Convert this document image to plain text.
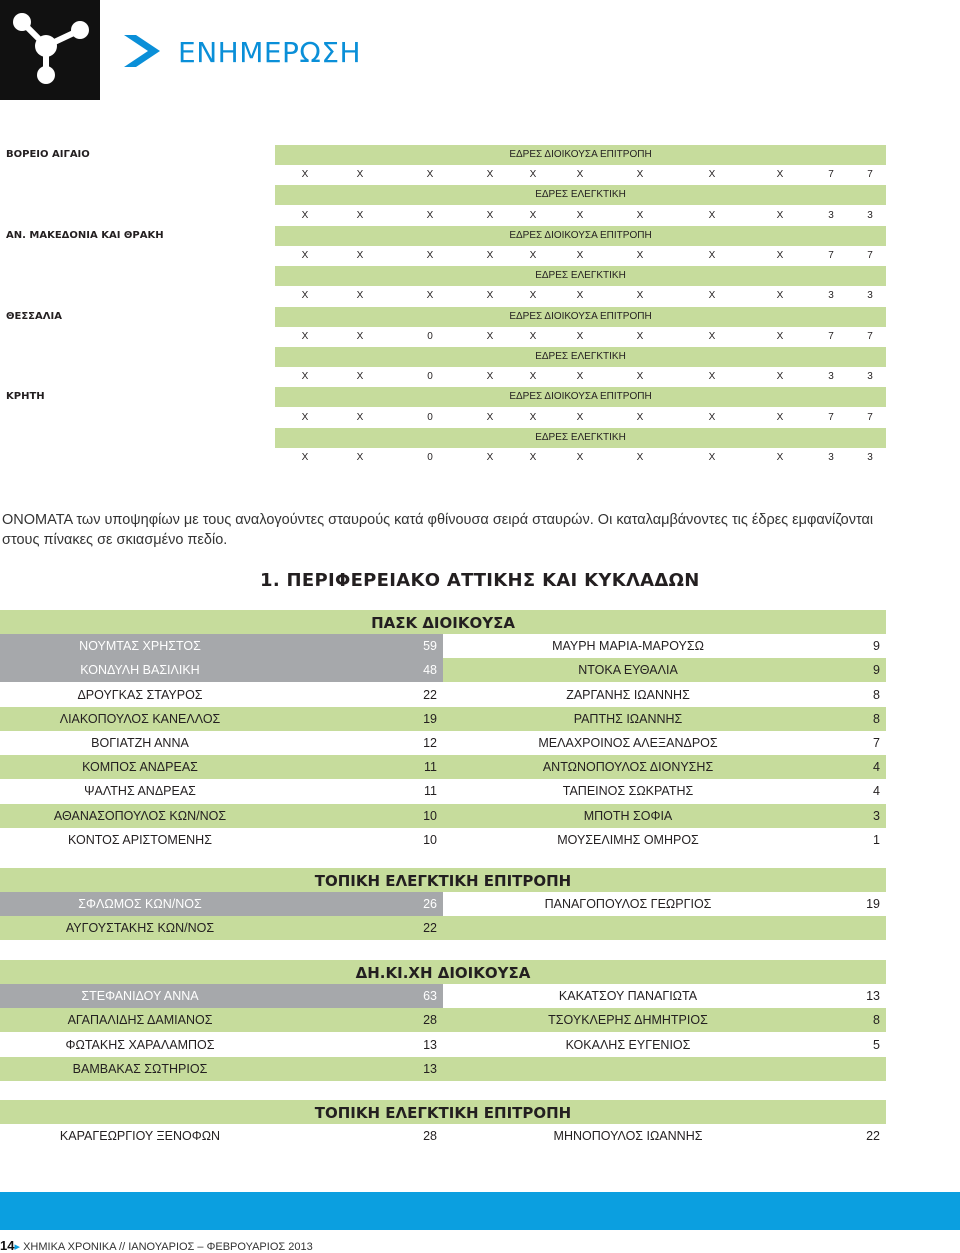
ΕΝΗΜΕΡΩΣΗ
ΒΟΡΕΙΟ ΑΙΓΑΙΟ	ΕΔΡΕΣ ΔΙΟΙΚΟΥΣΑ ΕΠΙΤΡΟΠΗ
Χ	Χ	Χ	Χ	Χ	Χ	Χ	Χ	Χ	7	7
ΕΔΡΕΣ ΕΛΕΓΚΤΙΚΗ
Χ	Χ	Χ	Χ	Χ	Χ	Χ	Χ	Χ	3	3
ΑΝ. ΜΑΚΕΔΟΝΙΑ ΚΑΙ ΘΡΑΚΗ	ΕΔΡΕΣ ΔΙΟΙΚΟΥΣΑ ΕΠΙΤΡΟΠΗ
Χ	Χ	Χ	Χ	Χ	Χ	Χ	Χ	Χ	7	7
ΕΔΡΕΣ ΕΛΕΓΚΤΙΚΗ
Χ	Χ	Χ	Χ	Χ	Χ	Χ	Χ	Χ	3	3
ΘΕΣΣΑΛΙΑ	ΕΔΡΕΣ ΔΙΟΙΚΟΥΣΑ ΕΠΙΤΡΟΠΗ
Χ	Χ	0	Χ	Χ	Χ	Χ	Χ	Χ	7	7
ΕΔΡΕΣ ΕΛΕΓΚΤΙΚΗ
Χ	Χ	0	Χ	Χ	Χ	Χ	Χ	Χ	3	3
ΚΡΗΤΗ	ΕΔΡΕΣ ΔΙΟΙΚΟΥΣΑ ΕΠΙΤΡΟΠΗ
Χ	Χ	0	Χ	Χ	Χ	Χ	Χ	Χ	7	7
ΕΔΡΕΣ ΕΛΕΓΚΤΙΚΗ
Χ	Χ	0	Χ	Χ	Χ	Χ	Χ	Χ	3	3
ΟΝΟΜΑΤΑ των υποψηφίων με τους αναλογούντες σταυρούς κατά φθίνουσα σειρά σταυρών. Οι καταλαμβάνοντες τις έδρες εμφανίζονται στους πίνακες σε σκιασμένο πεδίο.
1. ΠΕΡΙΦΕΡΕΙΑΚΟ ΑΤΤΙΚΗΣ ΚΑΙ ΚΥΚΛΑΔΩΝ
ΠΑΣΚ ΔΙΟΙΚΟΥΣΑ
ΝΟΥΜΤΑΣ ΧΡΗΣΤΟΣ	59	ΜΑΥΡΗ ΜΑΡΙΑ-ΜΑΡΟΥΣΩ	9
ΚΟΝΔΥΛΗ ΒΑΣΙΛΙΚΗ	48	ΝΤΟΚΑ ΕΥΘΑΛΙΑ	9
ΔΡΟΥΓΚΑΣ ΣΤΑΥΡΟΣ	22	ΖΑΡΓΑΝΗΣ ΙΩΑΝΝΗΣ	8
ΛΙΑΚΟΠΟΥΛΟΣ ΚΑΝΕΛΛΟΣ	19	ΡΑΠΤΗΣ ΙΩΑΝΝΗΣ	8
ΒΟΓΙΑΤΖΗ ΑΝΝΑ	12	ΜΕΛΑΧΡΟΙΝΟΣ ΑΛΕΞΑΝΔΡΟΣ	7
ΚΟΜΠΟΣ ΑΝΔΡΕΑΣ	11	ΑΝΤΩΝΟΠΟΥΛΟΣ ΔΙΟΝΥΣΗΣ	4
ΨΑΛΤΗΣ ΑΝΔΡΕΑΣ	11	ΤΑΠΕΙΝΟΣ ΣΩΚΡΑΤΗΣ	4
ΑΘΑΝΑΣΟΠΟΥΛΟΣ ΚΩΝ/ΝΟΣ	10	ΜΠΟΤΗ ΣΟΦΙΑ	3
ΚΟΝΤΟΣ ΑΡΙΣΤΟΜΕΝΗΣ	10	ΜΟΥΣΕΛΙΜΗΣ ΟΜΗΡΟΣ	1
ΤΟΠΙΚΗ ΕΛΕΓΚΤΙΚΗ ΕΠΙΤΡΟΠΗ
ΣΦΛΩΜΟΣ ΚΩΝ/ΝΟΣ	26	ΠΑΝΑΓΟΠΟΥΛΟΣ ΓΕΩΡΓΙΟΣ	19
ΑΥΓΟΥΣΤΑΚΗΣ ΚΩΝ/ΝΟΣ	22
ΔΗ.ΚΙ.ΧΗ ΔΙΟΙΚΟΥΣΑ
ΣΤΕΦΑΝΙΔΟΥ ΑΝΝΑ	63	ΚΑΚΑΤΣΟΥ ΠΑΝΑΓΙΩΤΑ	13
ΑΓΑΠΑΛΙΔΗΣ ΔΑΜΙΑΝΟΣ	28	ΤΣΟΥΚΛΕΡΗΣ ΔΗΜΗΤΡΙΟΣ	8
ΦΩΤΑΚΗΣ ΧΑΡΑΛΑΜΠΟΣ	13	ΚΟΚΑΛΗΣ ΕΥΓΕΝΙΟΣ	5
ΒΑΜΒΑΚΑΣ ΣΩΤΗΡΙΟΣ	13
ΤΟΠΙΚΗ ΕΛΕΓΚΤΙΚΗ ΕΠΙΤΡΟΠΗ
ΚΑΡΑΓΕΩΡΓΙΟΥ ΞΕΝΟΦΩΝ	28	ΜΗΝΟΠΟΥΛΟΣ ΙΩΑΝΝΗΣ	22
14▸ ΧΗΜΙΚΑ ΧΡΟΝΙΚΑ // ΙΑΝΟΥΑΡΙΟΣ – ΦΕΒΡΟΥΑΡΙΟΣ 2013
